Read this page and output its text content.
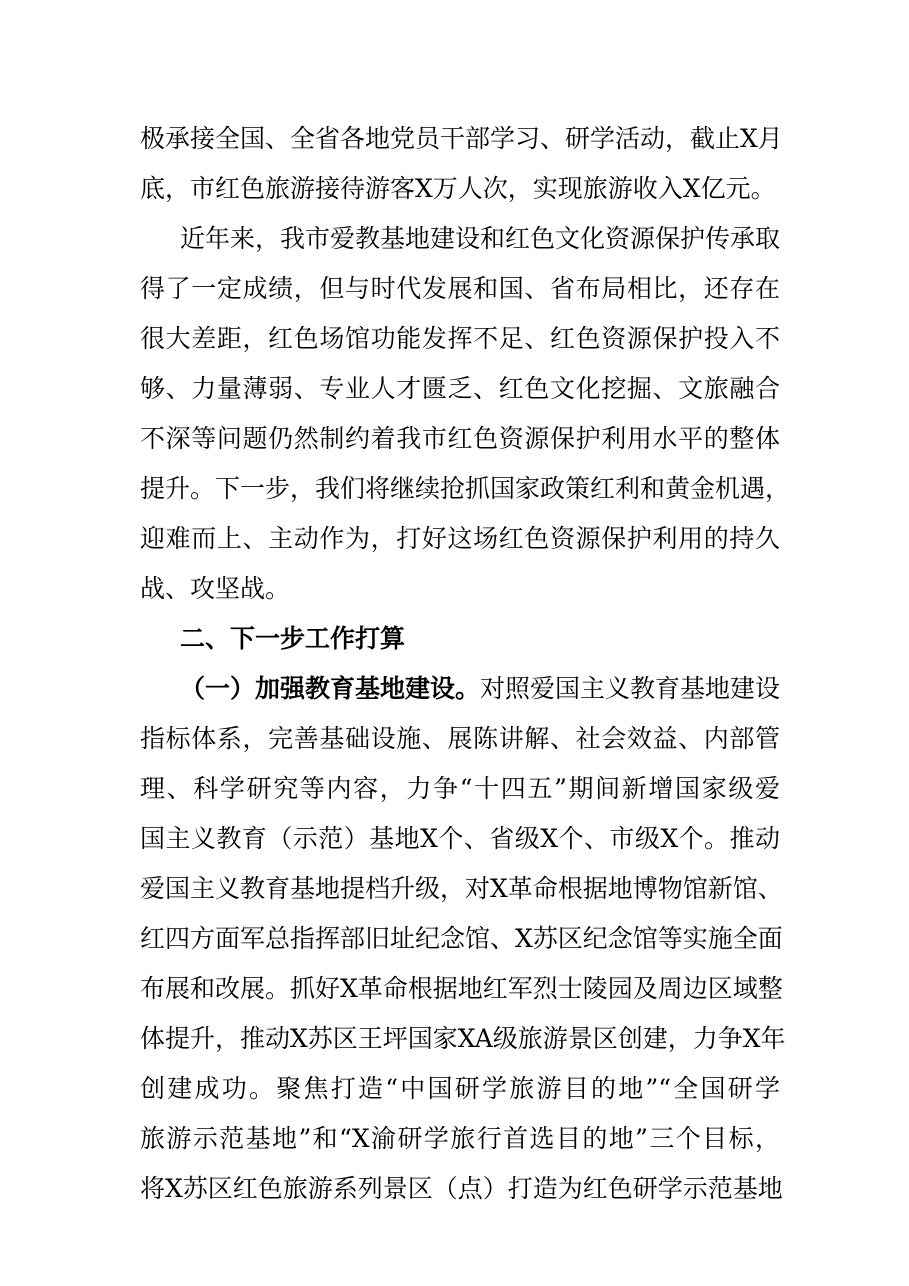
极承接全国、全省各地党员干部学习、研学活动，截止X月
底，市红色旅游接待游客X万人次，实现旅游收入X亿元。
近年来，我市爱教基地建设和红色文化资源保护传承取
得了一定成绩，但与时代发展和国、省布局相比，还存在
很大差距，红色场馆功能发挥不足、红色资源保护投入不
够、力量薄弱、专业人才匮乏、红色文化挖掘、文旅融合
不深等问题仍然制约着我市红色资源保护利用水平的整体
提升。下一步，我们将继续抢抓国家政策红利和黄金机遇，
迎难而上、主动作为，打好这场红色资源保护利用的持久
战、攻坚战。
二、下一步工作打算
（一）加强教育基地建设。对照爱国主义教育基地建设
指标体系，完善基础设施、展陈讲解、社会效益、内部管
理、科学研究等内容，力争“十四五”期间新增国家级爱
国主义教育（示范）基地X个、省级X个、市级X个。推动
爱国主义教育基地提档升级，对X革命根据地博物馆新馆、
红四方面军总指挥部旧址纪念馆、X苏区纪念馆等实施全面
布展和改展。抓好X革命根据地红军烈士陵园及周边区域整
体提升，推动X苏区王坪国家XA级旅游景区创建，力争X年
创建成功。聚焦打造“中国研学旅游目的地”“全国研学
旅游示范基地”和“X渝研学旅行首选目的地”三个目标，
将X苏区红色旅游系列景区（点）打造为红色研学示范基地
